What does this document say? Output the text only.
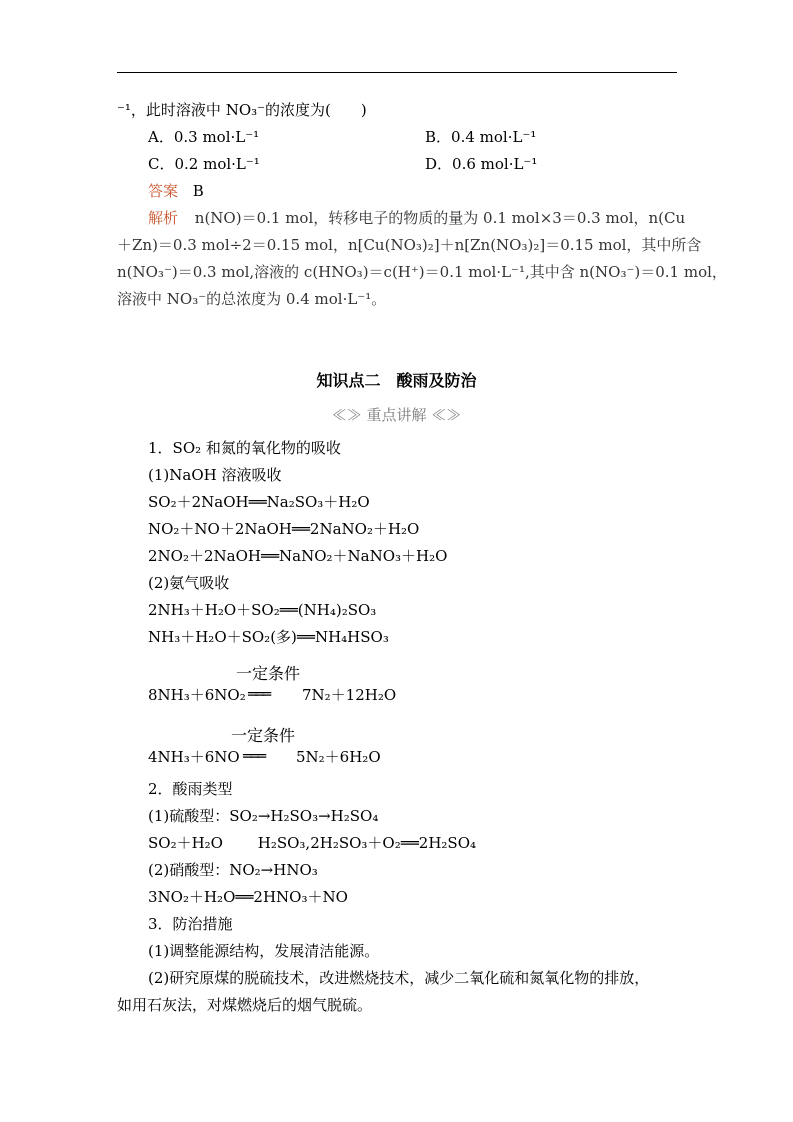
⁻¹，此时溶液中 NO₃⁻的浓度为(　　)
A．0.3 mol·L⁻¹	B．0.4 mol·L⁻¹
C．0.2 mol·L⁻¹	D．0.6 mol·L⁻¹
答案 B
解析 n(NO)＝0.1 mol，转移电子的物质的量为 0.1 mol×3＝0.3 mol，n(Cu
＋Zn)＝0.3 mol÷2＝0.15 mol，n[Cu(NO₃)₂]＋n[Zn(NO₃)₂]＝0.15 mol，其中所含
n(NO₃⁻)＝0.3 mol,溶液的 c(HNO₃)＝c(H⁺)＝0.1 mol·L⁻¹,其中含 n(NO₃⁻)＝0.1 mol，
溶液中 NO₃⁻的总浓度为 0.4 mol·L⁻¹。
知识点二　酸雨及防治
≪≫ 重点讲解 ≪≫
1．SO₂ 和氮的氧化物的吸收
(1)NaOH 溶液吸收
SO₂＋2NaOH══Na₂SO₃＋H₂O
NO₂＋NO＋2NaOH══2NaNO₂＋H₂O
2NO₂＋2NaOH══NaNO₂＋NaNO₃＋H₂O
(2)氨气吸收
2NH₃＋H₂O＋SO₂══(NH₄)₂SO₃
NH₃＋H₂O＋SO₂(多)══NH₄HSO₃
一定条件
8NH₃＋6NO₂ ═══ 7N₂＋12H₂O
一定条件
4NH₃＋6NO ═══ 5N₂＋6H₂O
2．酸雨类型
(1)硫酸型：SO₂→H₂SO₃→H₂SO₄
SO₂＋H₂O　　 H₂SO₃,2H₂SO₃＋O₂══2H₂SO₄
(2)硝酸型：NO₂→HNO₃
3NO₂＋H₂O══2HNO₃＋NO
3．防治措施
(1)调整能源结构，发展清洁能源。
(2)研究原煤的脱硫技术，改进燃烧技术，减少二氧化硫和氮氧化物的排放，
如用石灰法，对煤燃烧后的烟气脱硫。
